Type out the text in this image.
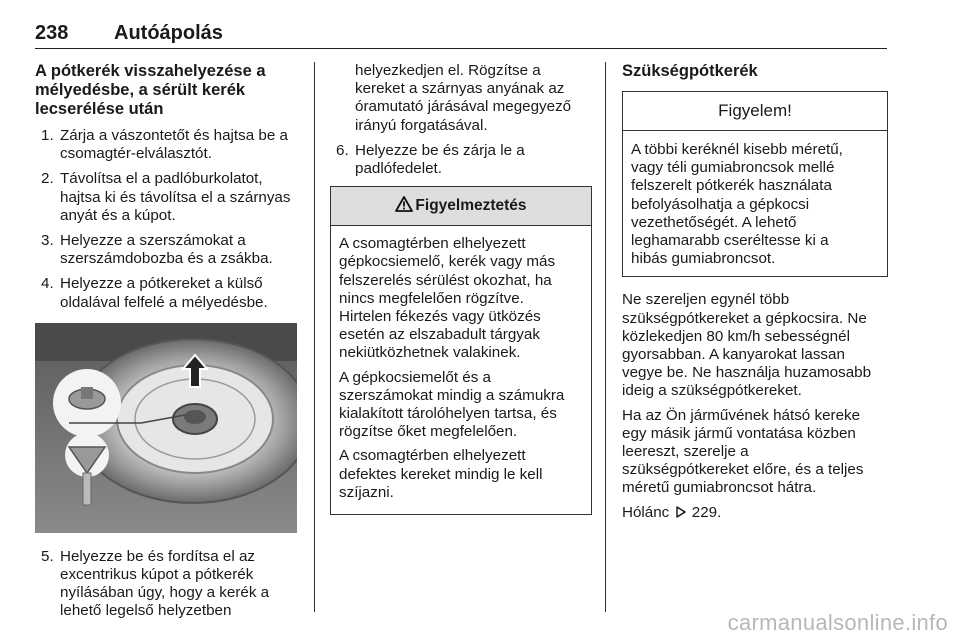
238 Autóápolás
A pótkerék visszahelyezése a
mélyedésbe, a sérült kerék
lecserélése után
1. Zárja a vászontetőt és hajtsa be a
csomagtér-elválasztót.
2. Távolítsa el a padlóburkolatot,
hajtsa ki és távolítsa el a szárnyas
anyát és a kúpot.
3. Helyezze a szerszámokat a
szerszámdobozba és a zsákba.
4. Helyezze a pótkereket a külső
oldalával felfelé a mélyedésbe.
5. Helyezze be és fordítsa el az
excentrikus kúpot a pótkerék
nyílásában úgy, hogy a kerék a
lehető legelső helyzetben
helyezkedjen el. Rögzítse a
kereket a szárnyas anyának az
óramutató járásával megegyező
irányú forgatásával.
6. Helyezze be és zárja le a
padlófedelet.
Figyelmeztetés

A csomagtérben elhelyezett
gépkocsiemelő, kerék vagy más
felszerelés sérülést okozhat, ha
nincs megfelelően rögzítve.
Hirtelen fékezés vagy ütközés
esetén az elszabadult tárgyak
nekiütközhetnek valakinek.

A gépkocsiemelőt és a
szerszámokat mindig a számukra
kialakított tárolóhelyen tartsa, és
rögzítse őket megfelelően.

A csomagtérben elhelyezett
defektes kereket mindig le kell
szíjazni.

Szükségpótkerék
Figyelem!

A többi keréknél kisebb méretű,
vagy téli gumiabroncsok mellé
felszerelt pótkerék használata
befolyásolhatja a gépkocsi
vezethetőségét. A lehető
leghamarabb cseréltesse ki a
hibás gumiabroncsot.

Ne szereljen egynél több
szükségpótkereket a gépkocsira. Ne
közlekedjen 80 km/h sebességnél
gyorsabban. A kanyarokat lassan
vegye be. Ne használja huzamosabb
ideig a szükségpótkereket.

Ha az Ön járművének hátsó kereke
egy másik jármű vontatása közben
leereszt, szerelje a
szükségpótkereket előre, és a teljes
méretű gumiabroncsot hátra.

Hólánc 229.

carmanualsonline.info
